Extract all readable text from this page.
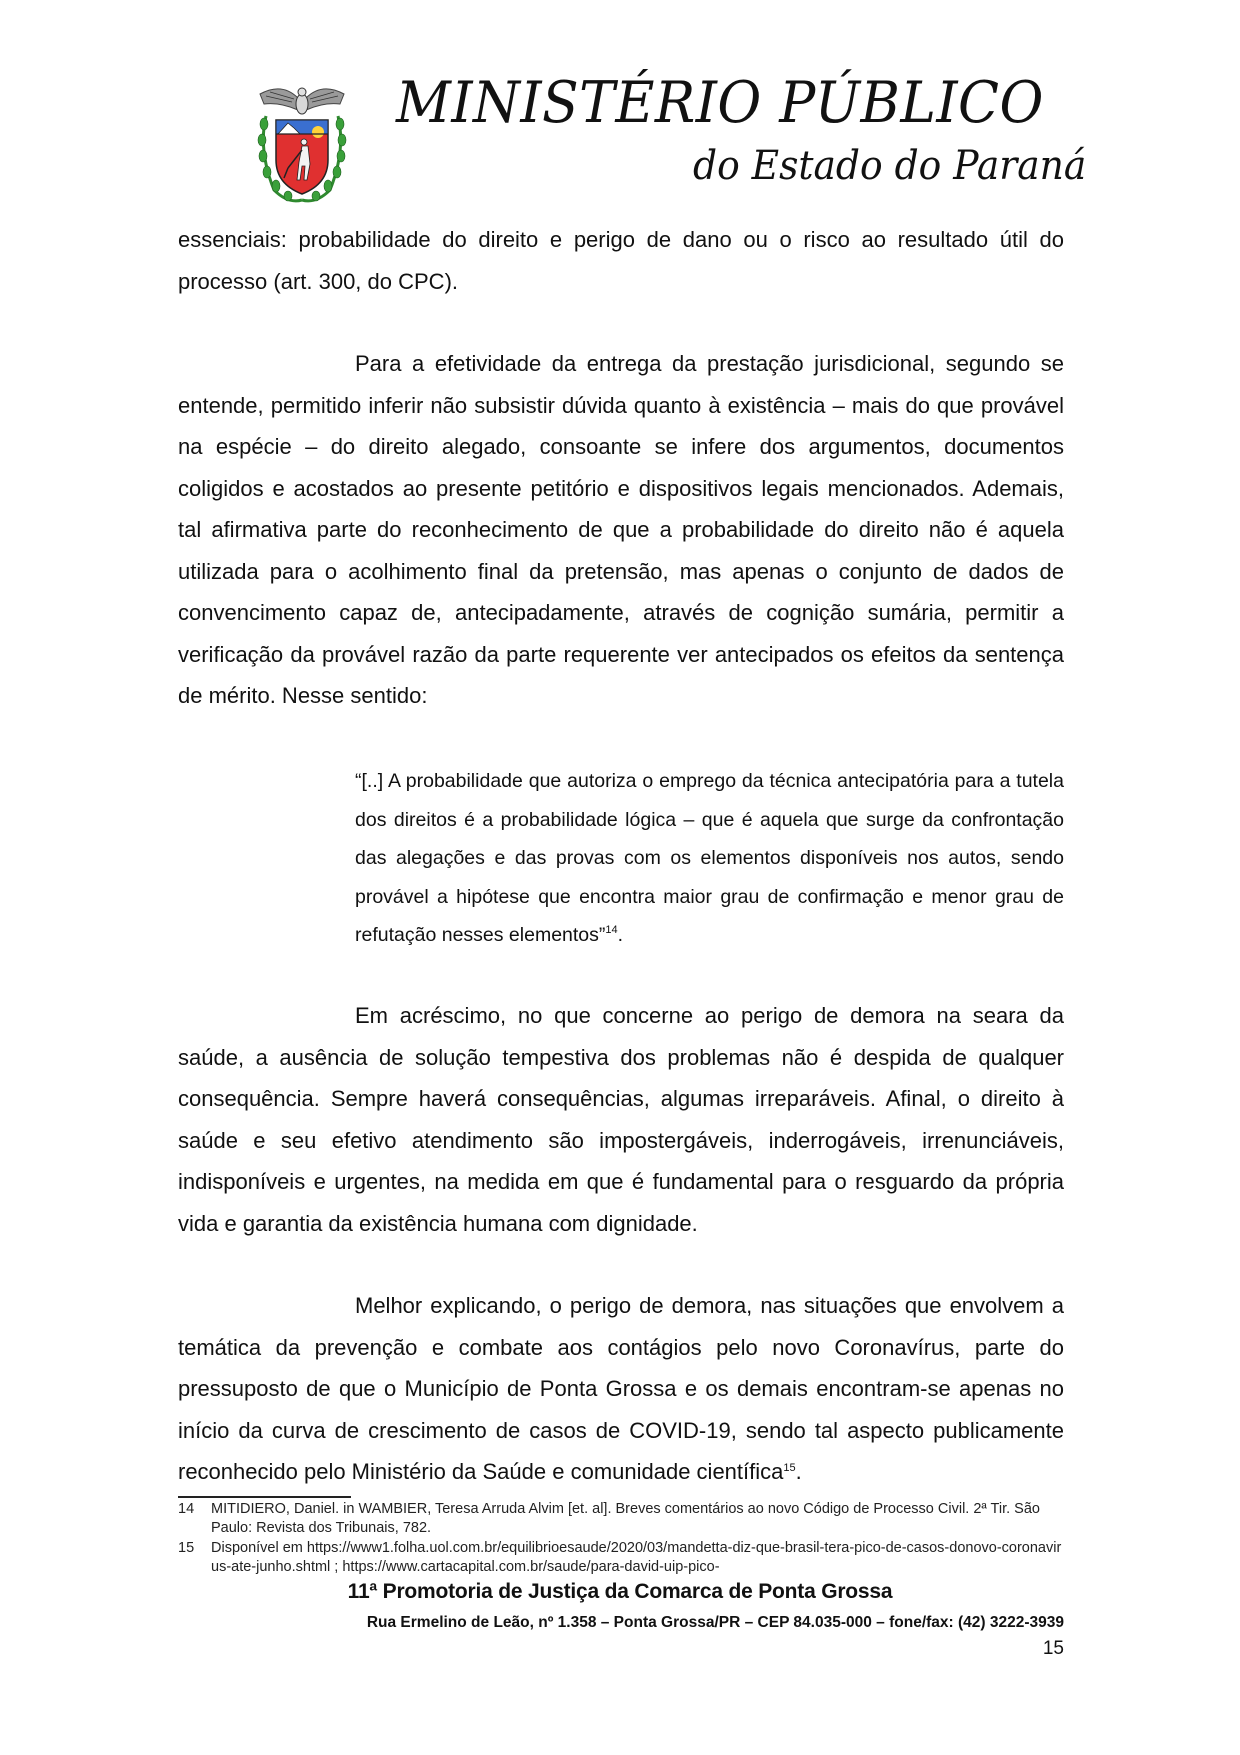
MINISTÉRIO PÚBLICO
do Estado do Paraná

essenciais: probabilidade do direito e perigo de dano ou o risco ao resultado útil do processo (art. 300, do CPC).

Para a efetividade da entrega da prestação jurisdicional, segundo se entende, permitido inferir não subsistir dúvida quanto à existência – mais do que provável na espécie – do direito alegado, consoante se infere dos argumentos, documentos coligidos e acostados ao presente petitório e dispositivos legais mencionados. Ademais, tal afirmativa parte do reconhecimento de que a probabilidade do direito não é aquela utilizada para o acolhimento final da pretensão, mas apenas o conjunto de dados de convencimento capaz de, antecipadamente, através de cognição sumária, permitir a verificação da provável razão da parte requerente ver antecipados os efeitos da sentença de mérito. Nesse sentido:

“[..] A probabilidade que autoriza o emprego da técnica antecipatória para a tutela dos direitos é a probabilidade lógica – que é aquela que surge da confrontação das alegações e das provas com os elementos disponíveis nos autos, sendo provável a hipótese que encontra maior grau de confirmação e menor grau de refutação nesses elementos”$^{14}$.

Em acréscimo, no que concerne ao perigo de demora na seara da saúde, a ausência de solução tempestiva dos problemas não é despida de qualquer consequência. Sempre haverá consequências, algumas irreparáveis. Afinal, o direito à saúde e seu efetivo atendimento são impostergáveis, inderrogáveis, irrenunciáveis, indisponíveis e urgentes, na medida em que é fundamental para o resguardo da própria vida e garantia da existência humana com dignidade.

Melhor explicando, o perigo de demora, nas situações que envolvem a temática da prevenção e combate aos contágios pelo novo Coronavírus, parte do pressuposto de que o Município de Ponta Grossa e os demais encontram-se apenas no início da curva de crescimento de casos de COVID-19, sendo tal aspecto publicamente reconhecido pelo Ministério da Saúde e comunidade científica$^{15}$.

14 MITIDIERO, Daniel. in WAMBIER, Teresa Arruda Alvim [et. al]. Breves comentários ao novo Código de Processo Civil. 2ª Tir. São Paulo: Revista dos Tribunais, 782.
15 Disponível em https://www1.folha.uol.com.br/equilibrioesaude/2020/03/mandetta-diz-que-brasil-tera-pico-de-casos-donovo-coronavirus-ate-junho.shtml ; https://www.cartacapital.com.br/saude/para-david-uip-pico-
11ª Promotoria de Justiça da Comarca de Ponta Grossa
Rua Ermelino de Leão, nº 1.358 – Ponta Grossa/PR – CEP 84.035-000 – fone/fax: (42) 3222-3939
15
